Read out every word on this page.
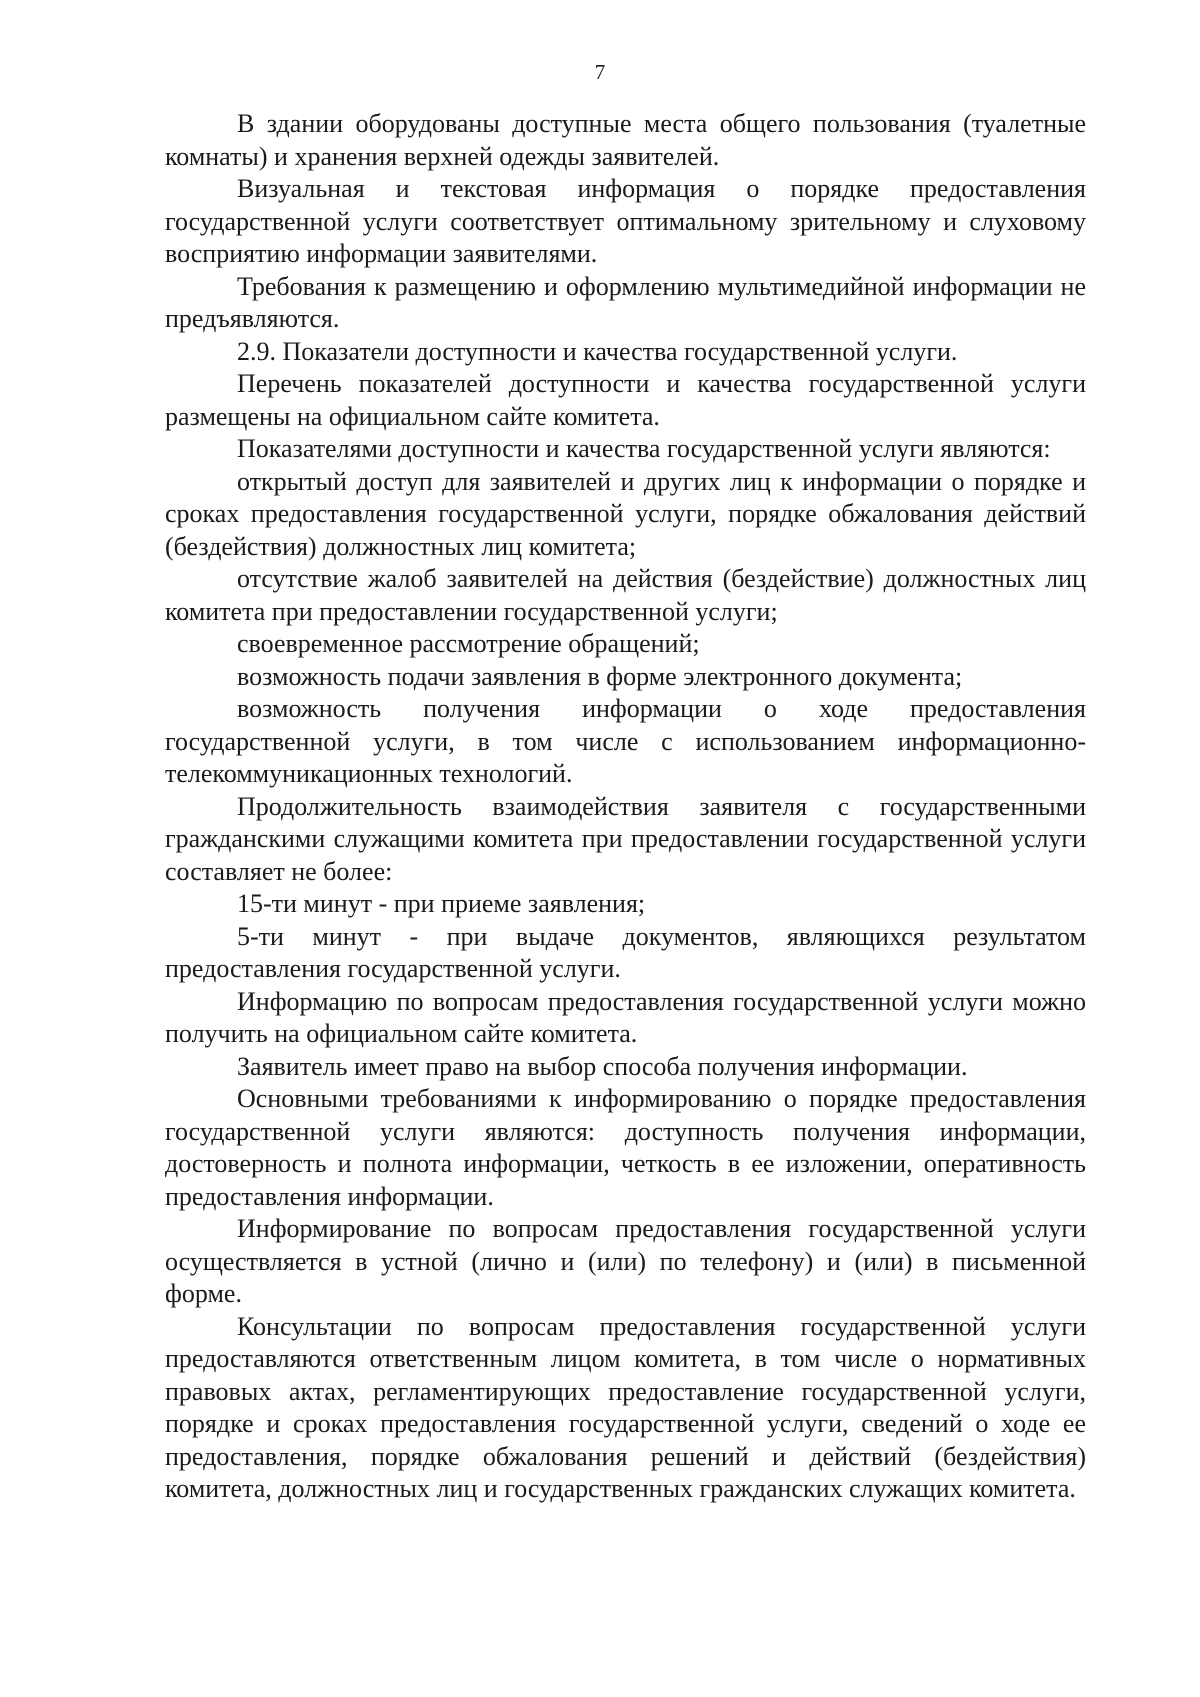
7

В здании оборудованы доступные места общего пользования (туалетные комнаты) и хранения верхней одежды заявителей.

Визуальная и текстовая информация о порядке предоставления государственной услуги соответствует оптимальному зрительному и слуховому восприятию информации заявителями.

Требования к размещению и оформлению мультимедийной информации не предъявляются.

2.9. Показатели доступности и качества государственной услуги.

Перечень показателей доступности и качества государственной услуги размещены на официальном сайте комитета.

Показателями доступности и качества государственной услуги являются:

открытый доступ для заявителей и других лиц к информации о порядке и сроках предоставления государственной услуги, порядке обжалования действий (бездействия) должностных лиц комитета;

отсутствие жалоб заявителей на действия (бездействие) должностных лиц комитета при предоставлении государственной услуги;

своевременное рассмотрение обращений;

возможность подачи заявления в форме электронного документа;

возможность получения информации о ходе предоставления государственной услуги, в том числе с использованием информационно-телекоммуникационных технологий.

Продолжительность взаимодействия заявителя с государственными гражданскими служащими комитета при предоставлении государственной услуги составляет не более:

15-ти минут - при приеме заявления;

5-ти минут - при выдаче документов, являющихся результатом предоставления государственной услуги.

Информацию по вопросам предоставления государственной услуги можно получить на официальном сайте комитета.

Заявитель имеет право на выбор способа получения информации.

Основными требованиями к информированию о порядке предоставления государственной услуги являются: доступность получения информации, достоверность и полнота информации, четкость в ее изложении, оперативность предоставления информации.

Информирование по вопросам предоставления государственной услуги осуществляется в устной (лично и (или) по телефону) и (или) в письменной форме.

Консультации по вопросам предоставления государственной услуги предоставляются ответственным лицом комитета, в том числе о нормативных правовых актах, регламентирующих предоставление государственной услуги, порядке и сроках предоставления государственной услуги, сведений о ходе ее предоставления, порядке обжалования решений и действий (бездействия) комитета, должностных лиц и государственных гражданских служащих комитета.
